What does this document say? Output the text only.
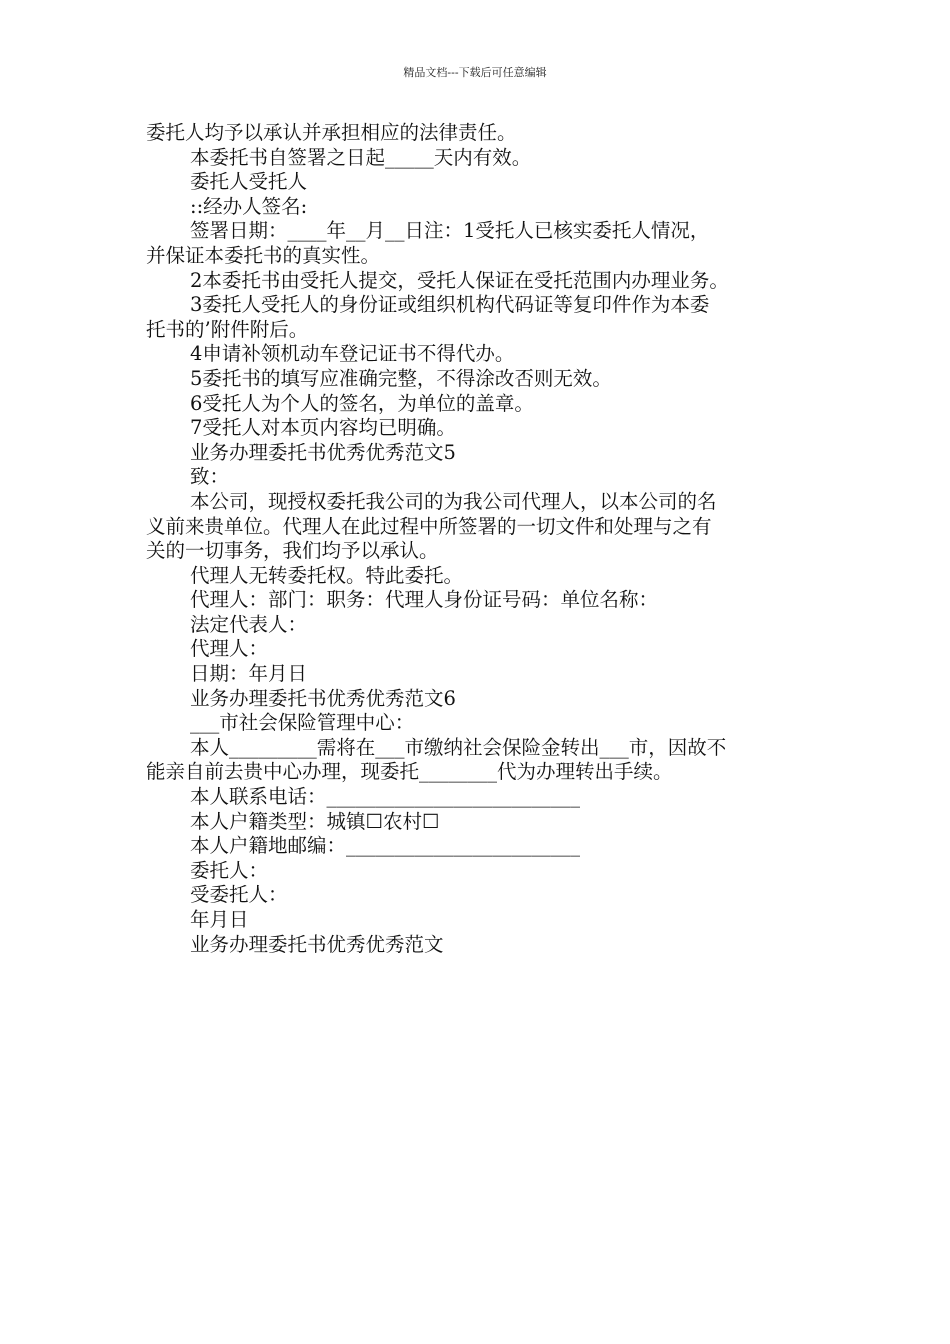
精品文档---下载后可任意编辑
委托人均予以承认并承担相应的法律责任。
本委托书自签署之日起_____天内有效。
委托人受托人
::经办人签名:
签署日期：____年__月__日注：1受托人已核实委托人情况，
并保证本委托书的真实性。
2本委托书由受托人提交，受托人保证在受托范围内办理业务。
3委托人受托人的身份证或组织机构代码证等复印件作为本委
托书的’附件附后。
4申请补领机动车登记证书不得代办。
5委托书的填写应准确完整，不得涂改否则无效。
6受托人为个人的签名，为单位的盖章。
7受托人对本页内容均已明确。
业务办理委托书优秀优秀范文5
致：
本公司，现授权委托我公司的为我公司代理人，以本公司的名
义前来贵单位。代理人在此过程中所签署的一切文件和处理与之有
关的一切事务，我们均予以承认。
代理人无转委托权。特此委托。
代理人：部门：职务：代理人身份证号码：单位名称：
法定代表人：
代理人：
日期：年月日
业务办理委托书优秀优秀范文6
___市社会保险管理中心：
本人_________需将在___市缴纳社会保险金转出___市，因故不
能亲自前去贵中心办理，现委托________代为办理转出手续。
本人联系电话：__________________________
本人户籍类型：城镇☐农村☐
本人户籍地邮编：________________________
委托人：
受委托人：
年月日
业务办理委托书优秀优秀范文
